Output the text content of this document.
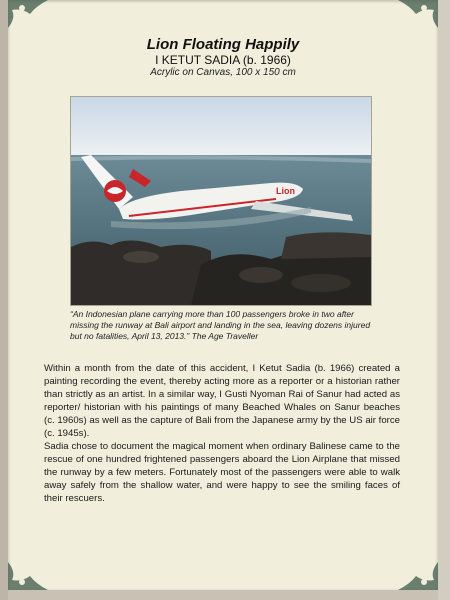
Lion Floating Happily
I KETUT SADIA (b. 1966)
Acrylic on Canvas, 100 x 150 cm
Lion
“An Indonesian plane carrying more than 100 passengers broke in two after missing the runway at Bali airport and landing in the sea, leaving dozens injured but no fatalities, April 13, 2013.” The Age Traveller
Within a month from the date of this accident, I Ketut Sadia (b. 1966) created a painting recording the event, thereby acting more as a reporter or a historian rather than strictly as an artist. In a similar way, I Gusti Nyoman Rai of Sanur had acted as reporter/ historian with his paintings of many Beached Whales on Sanur beaches (c. 1960s) as well as the capture of Bali from the Japanese army by the US air force (c. 1945s).
Sadia chose to document the magical moment when ordinary Balinese came to the rescue of one hundred frightened passengers aboard the Lion Airplane that missed the runway by a few meters. Fortunately most of the passengers were able to walk away safely from the shallow water, and were happy to see the smiling faces of their rescuers.
